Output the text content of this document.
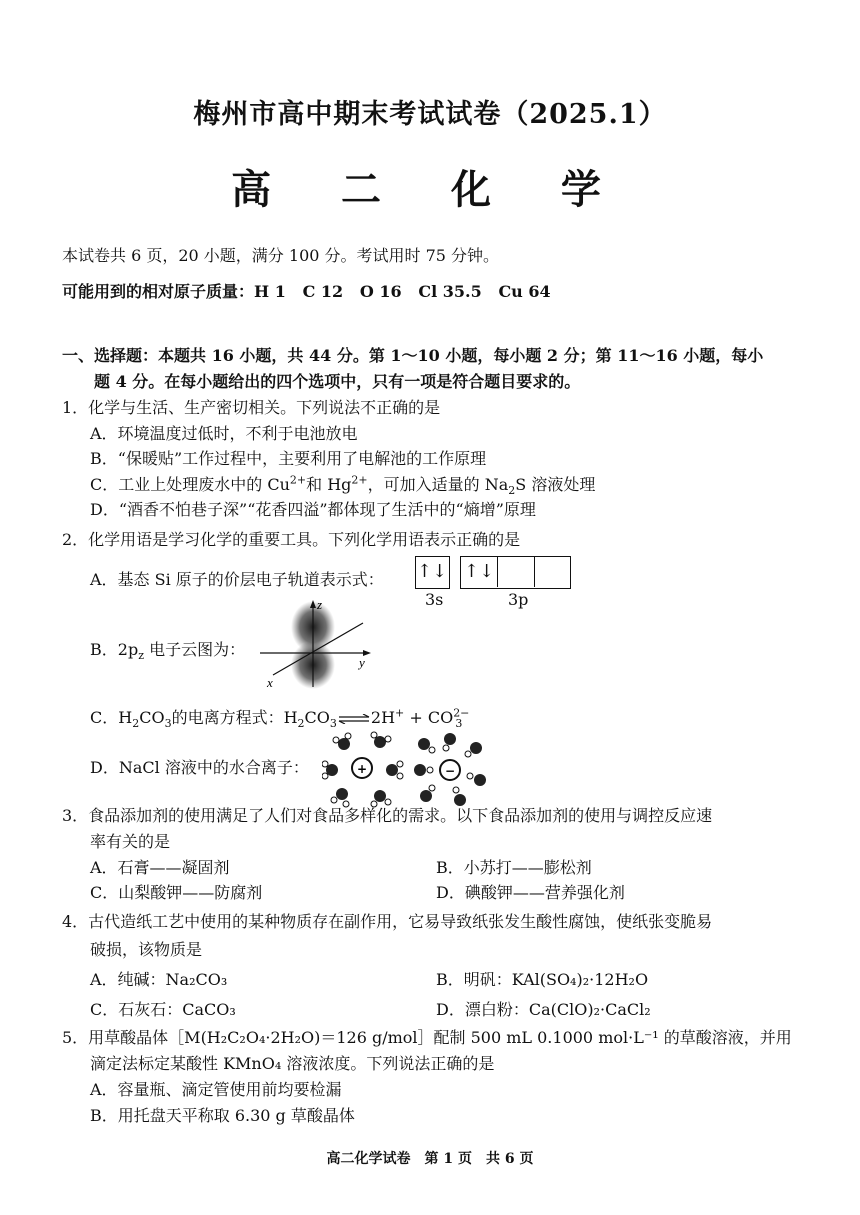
梅州市高中期末考试试卷（2025.1）
高 二 化 学
本试卷共 6 页，20 小题，满分 100 分。考试用时 75 分钟。
可能用到的相对原子质量：H 1 C 12 O 16 Cl 35.5 Cu 64
一、选择题：本题共 16 小题，共 44 分。第 1～10 小题，每小题 2 分；第 11～16 小题，每小
题 4 分。在每小题给出的四个选项中，只有一项是符合题目要求的。
1．化学与生活、生产密切相关。下列说法不正确的是
A．环境温度过低时，不利于电池放电
B．“保暖贴”工作过程中，主要利用了电解池的工作原理
C．工业上处理废水中的 $Cu^{2+}$和 $Hg^{2+}$，可加入适量的 $Na_2S$ 溶液处理
D．“酒香不怕巷子深”“花香四溢”都体现了生活中的“熵增”原理
2．化学用语是学习化学的重要工具。下列化学用语表示正确的是
A．基态 Si 原子的价层电子轨道表示式： ↑↓ ↑↓
3s	3p
B．$2p_z$ 电子云图为：
z
y
x
C．$H_2CO_3$的电离方程式：$H_2CO_3\rightleftharpoons 2H^+ + CO^{2-}_3$
D．NaCl 溶液中的水合离子：	+	−
3．食品添加剂的使用满足了人们对食品多样化的需求。以下食品添加剂的使用与调控反应速
率有关的是
A．石膏——凝固剂	B．小苏打——膨松剂
C．山梨酸钾——防腐剂	D．碘酸钾——营养强化剂
4．古代造纸工艺中使用的某种物质存在副作用，它易导致纸张发生酸性腐蚀，使纸张变脆易
破损，该物质是
A．纯碱：Na₂CO₃	B．明矾：KAl(SO₄)₂·12H₂O
C．石灰石：CaCO₃	D．漂白粉：Ca(ClO)₂·CaCl₂
5．用草酸晶体［M(H₂C₂O₄·2H₂O)＝126 g/mol］配制 500 mL 0.1000 mol·L⁻¹ 的草酸溶液，并用
滴定法标定某酸性 KMnO₄ 溶液浓度。下列说法正确的是
A．容量瓶、滴定管使用前均要检漏
B．用托盘天平称取 6.30 g 草酸晶体
高二化学试卷　第 1 页　共 6 页
